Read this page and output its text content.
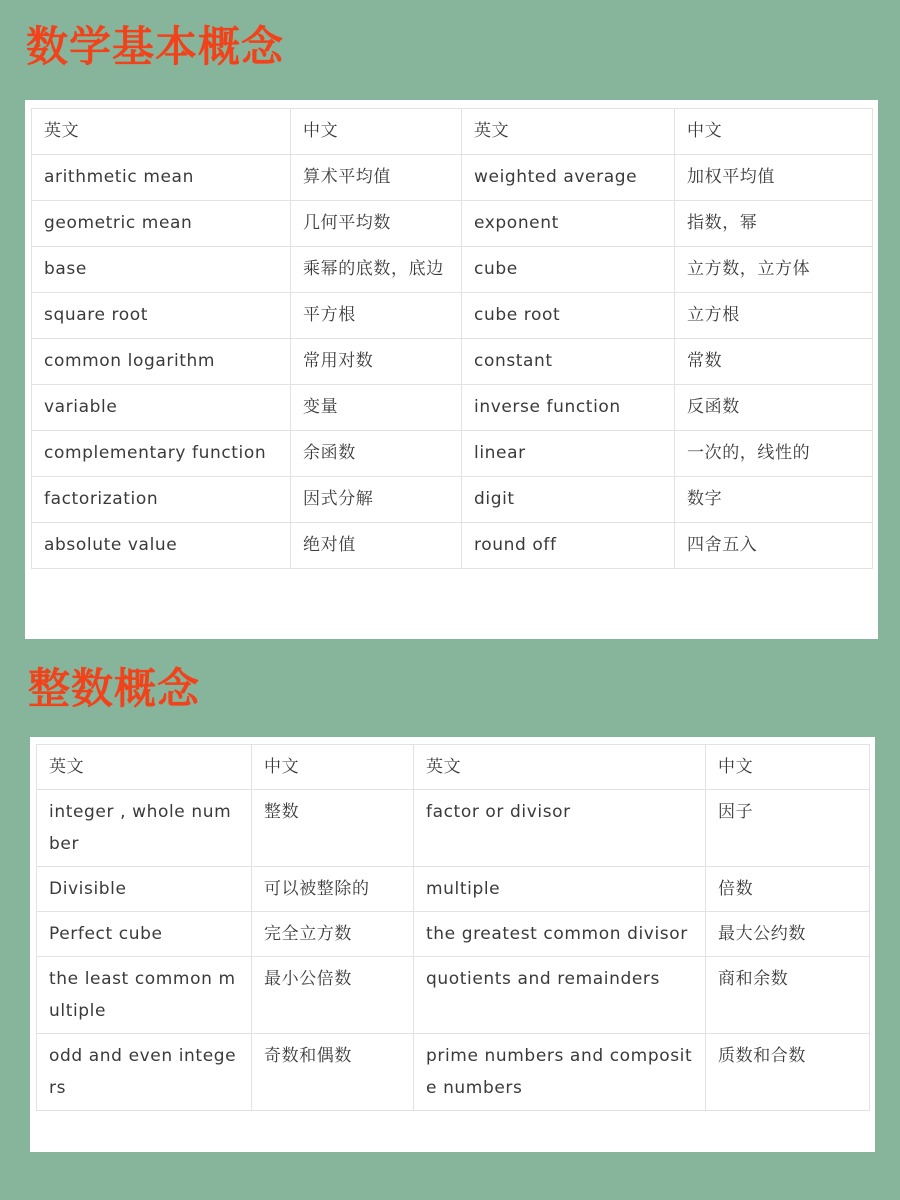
数学基本概念
英文	中文	英文	中文
arithmetic mean	算术平均值	weighted average	加权平均值
geometric mean	几何平均数	exponent	指数，幂
base	乘幂的底数，底边	cube	立方数，立方体
square root	平方根	cube root	立方根
common logarithm	常用对数	constant	常数
variable	变量	inverse function	反函数
complementary function	余函数	linear	一次的，线性的
factorization	因式分解	digit	数字
absolute value	绝对值	round off	四舍五入
整数概念
英文	中文	英文	中文
integer , whole number	整数	factor or divisor	因子
Divisible	可以被整除的	multiple	倍数
Perfect cube	完全立方数	the greatest common divisor	最大公约数
the least common multiple	最小公倍数	quotients and remainders	商和余数
odd and even integers	奇数和偶数	prime numbers and composite numbers	质数和合数
